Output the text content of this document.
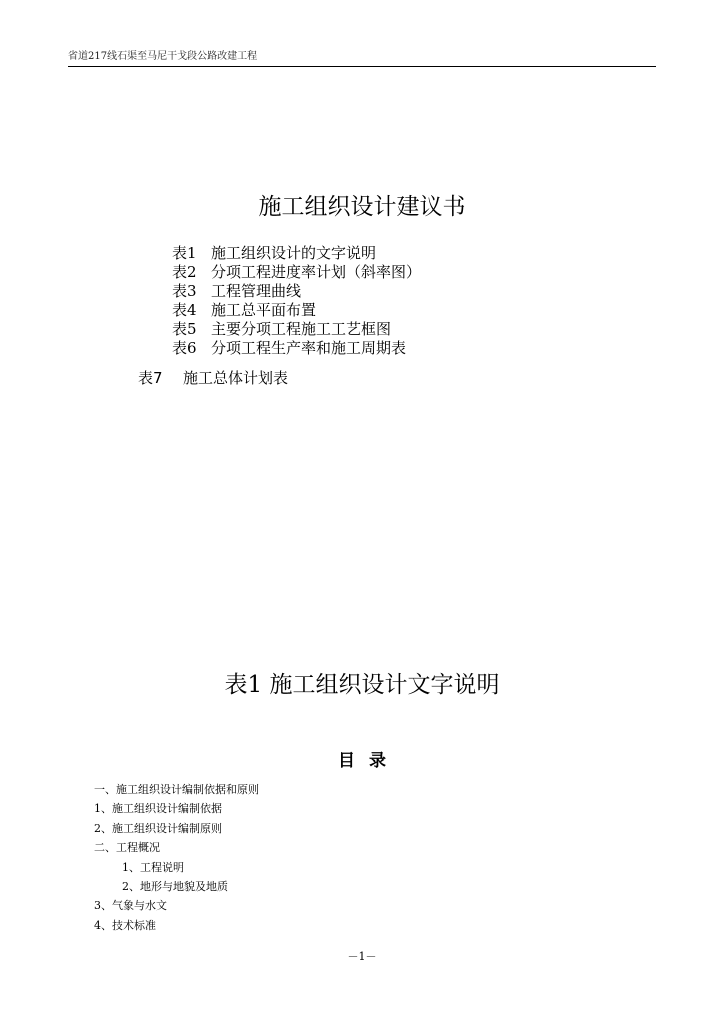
省道217线石渠至马尼干戈段公路改建工程
施工组织设计建议书
表1 施工组织设计的文字说明
表2 分项工程进度率计划（斜率图）
表3 工程管理曲线
表4 施工总平面布置
表5 主要分项工程施工工艺框图
表6 分项工程生产率和施工周期表
表7 施工总体计划表
表1 施工组织设计文字说明
目录
一、施工组织设计编制依据和原则
1、施工组织设计编制依据
2、施工组织设计编制原则
二、工程概况
1、工程说明
2、地形与地貌及地质
3、气象与水文
4、技术标准
－1－
